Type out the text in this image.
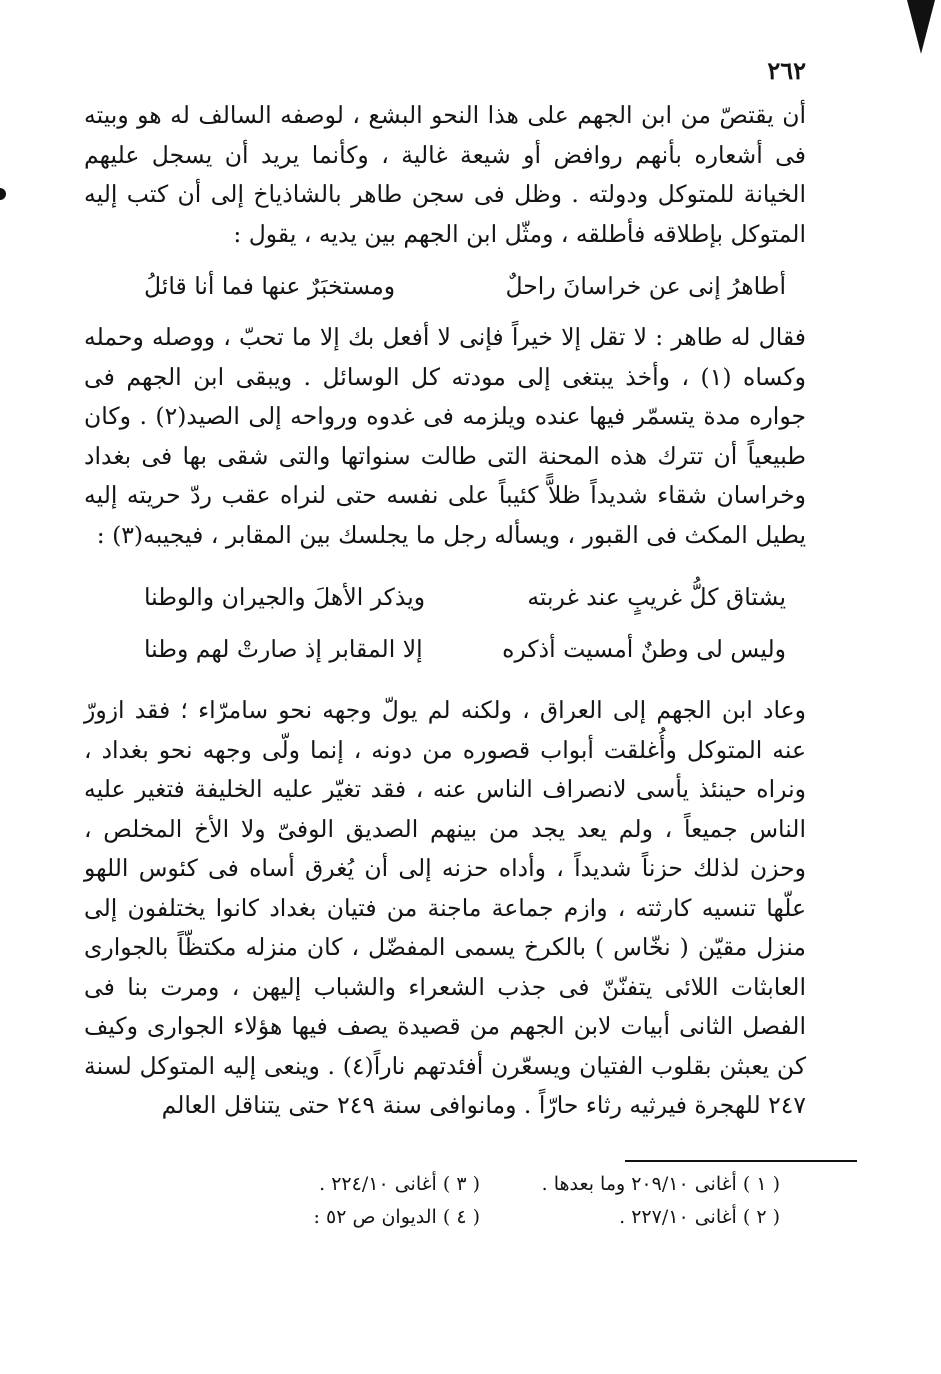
٢٦٢

أن يقتصّ من ابن الجهم على هذا النحو البشع ، لوصفه السالف له هو وبيته فى أشعاره بأنهم روافض أو شيعة غالية ، وكأنما يريد أن يسجل عليهم الخيانة للمتوكل ودولته . وظل فى سجن طاهر بالشاذياخ إلى أن كتب إليه المتوكل بإطلاقه فأطلقه ، ومثّل ابن الجهم بين يديه ، يقول :

أطاهرُ إنى عن خراسانَ راحلٌ
ومستخبَرٌ عنها فما أنا قائلُ

فقال له طاهر : لا تقل إلا خيراً فإنى لا أفعل بك إلا ما تحبّ ، ووصله وحمله وكساه (١) ، وأخذ يبتغى إلى مودته كل الوسائل . ويبقى ابن الجهم فى جواره مدة يتسمّر فيها عنده ويلزمه فى غدوه ورواحه إلى الصيد(٢) . وكان طبيعياً أن تترك هذه المحنة التى طالت سنواتها والتى شقى بها فى بغداد وخراسان شقاء شديداً ظلاًّ كئيباً على نفسه حتى لنراه عقب ردّ حريته إليه يطيل المكث فى القبور ، ويسأله رجل ما يجلسك بين المقابر ، فيجيبه(٣) :

يشتاق كلُّ غريبٍ عند غربته
ويذكر الأهلَ والجيران والوطنا
وليس لى وطنٌ أمسيت أذكره
إلا المقابر إذ صارتْ لهم وطنا

وعاد ابن الجهم إلى العراق ، ولكنه لم يولّ وجهه نحو سامرّاء ؛ فقد ازورّ عنه المتوكل وأُغلقت أبواب قصوره من دونه ، إنما ولّى وجهه نحو بغداد ، ونراه حينئذ يأسى لانصراف الناس عنه ، فقد تغيّر عليه الخليفة فتغير عليه الناس جميعاً ، ولم يعد يجد من بينهم الصديق الوفىّ ولا الأخ المخلص ، وحزن لذلك حزناً شديداً ، وأداه حزنه إلى أن يُغرق أساه فى كئوس اللهو علّها تنسيه كارثته ، وازم جماعة ماجنة من فتيان بغداد كانوا يختلفون إلى منزل مقيّن ( نخّاس ) بالكرخ يسمى المفضّل ، كان منزله مكتظّاً بالجوارى العابثات اللائى يتفنّنّ فى جذب الشعراء والشباب إليهن ، ومرت بنا فى الفصل الثانى أبيات لابن الجهم من قصيدة يصف فيها هؤلاء الجوارى وكيف كن يعبثن بقلوب الفتيان ويسعّرن أفئدتهم ناراً(٤) . وينعى إليه المتوكل لسنة ٢٤٧ للهجرة فيرثيه رثاء حارّاً . ومانوافى سنة ٢٤٩ حتى يتناقل العالم

( ١ ) أغانى ٢٠٩/١٠ وما بعدها .
( ٣ ) أغانى ٢٢٤/١٠ .
( ٢ ) أغانى ٢٢٧/١٠ .
( ٤ ) الديوان ص ٥٢ :
